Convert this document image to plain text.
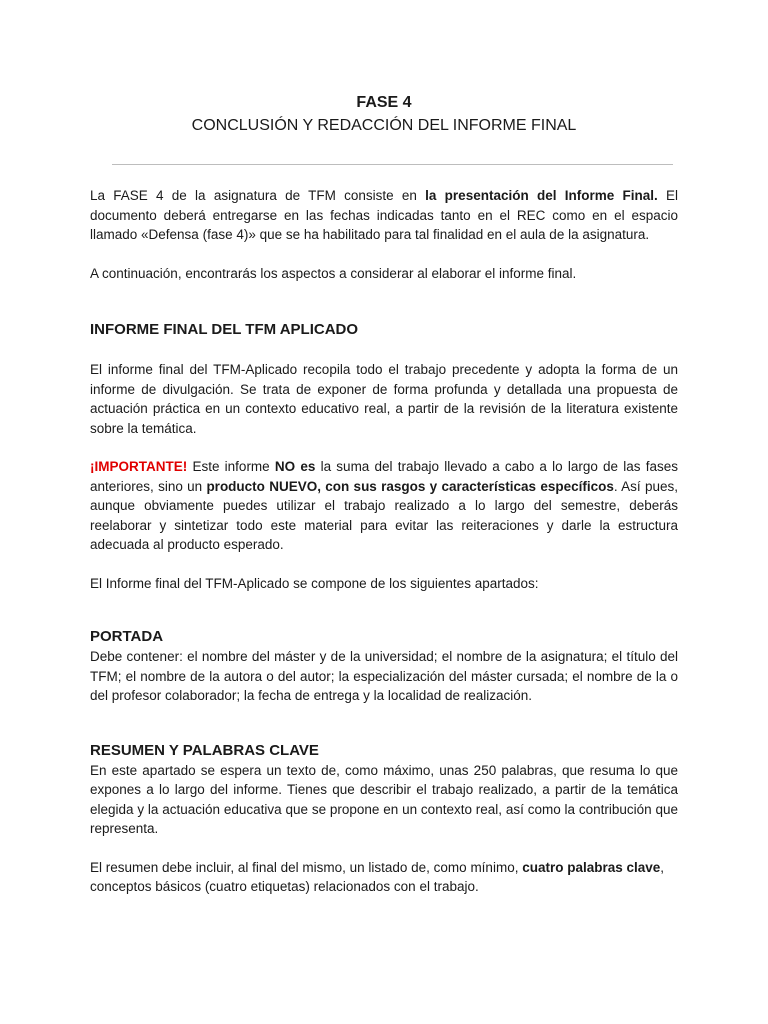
FASE 4
CONCLUSIÓN Y REDACCIÓN DEL INFORME FINAL

La FASE 4 de la asignatura de TFM consiste en la presentación del Informe Final. El documento deberá entregarse en las fechas indicadas tanto en el REC como en el espacio llamado «Defensa (fase 4)» que se ha habilitado para tal finalidad en el aula de la asignatura.

A continuación, encontrarás los aspectos a considerar al elaborar el informe final.

INFORME FINAL DEL TFM APLICADO

El informe final del TFM-Aplicado recopila todo el trabajo precedente y adopta la forma de un informe de divulgación. Se trata de exponer de forma profunda y detallada una propuesta de actuación práctica en un contexto educativo real, a partir de la revisión de la literatura existente sobre la temática.

¡IMPORTANTE! Este informe NO es la suma del trabajo llevado a cabo a lo largo de las fases anteriores, sino un producto NUEVO, con sus rasgos y características específicos. Así pues, aunque obviamente puedes utilizar el trabajo realizado a lo largo del semestre, deberás reelaborar y sintetizar todo este material para evitar las reiteraciones y darle la estructura adecuada al producto esperado.

El Informe final del TFM-Aplicado se compone de los siguientes apartados:

PORTADA

Debe contener: el nombre del máster y de la universidad; el nombre de la asignatura; el título del TFM; el nombre de la autora o del autor; la especialización del máster cursada; el nombre de la o del profesor colaborador; la fecha de entrega y la localidad de realización.

RESUMEN Y PALABRAS CLAVE

En este apartado se espera un texto de, como máximo, unas 250 palabras, que resuma lo que expones a lo largo del informe. Tienes que describir el trabajo realizado, a partir de la temática elegida y la actuación educativa que se propone en un contexto real, así como la contribución que representa.

El resumen debe incluir, al final del mismo, un listado de, como mínimo, cuatro palabras clave, conceptos básicos (cuatro etiquetas) relacionados con el trabajo.
